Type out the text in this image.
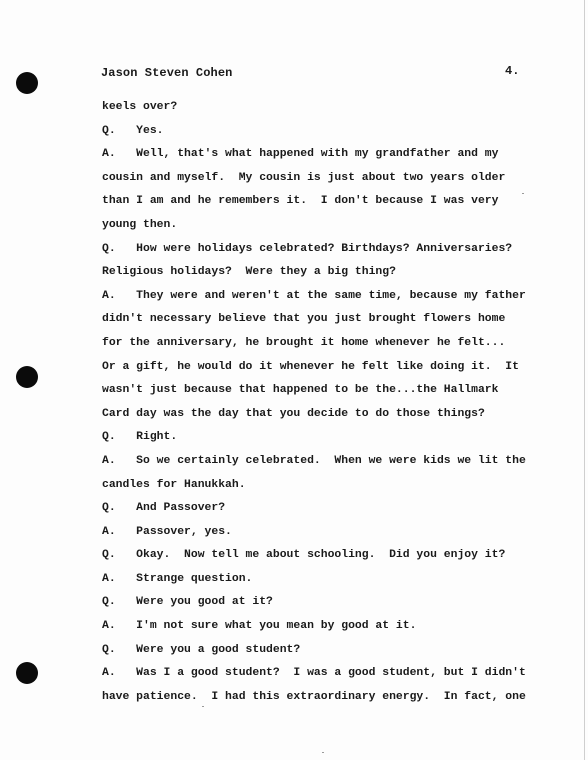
Jason Steven Cohen	4.
keels over?
Q.   Yes.
A.   Well, that's what happened with my grandfather and my
cousin and myself.  My cousin is just about two years older
than I am and he remembers it.  I don't because I was very
young then.
Q.   How were holidays celebrated? Birthdays? Anniversaries?
Religious holidays?  Were they a big thing?
A.   They were and weren't at the same time, because my father
didn't necessary believe that you just brought flowers home
for the anniversary, he brought it home whenever he felt...
Or a gift, he would do it whenever he felt like doing it.  It
wasn't just because that happened to be the...the Hallmark
Card day was the day that you decide to do those things?
Q.   Right.
A.   So we certainly celebrated.  When we were kids we lit the
candles for Hanukkah.
Q.   And Passover?
A.   Passover, yes.
Q.   Okay.  Now tell me about schooling.  Did you enjoy it?
A.   Strange question.
Q.   Were you good at it?
A.   I'm not sure what you mean by good at it.
Q.   Were you a good student?
A.   Was I a good student?  I was a good student, but I didn't
have patience.  I had this extraordinary energy.  In fact, one
